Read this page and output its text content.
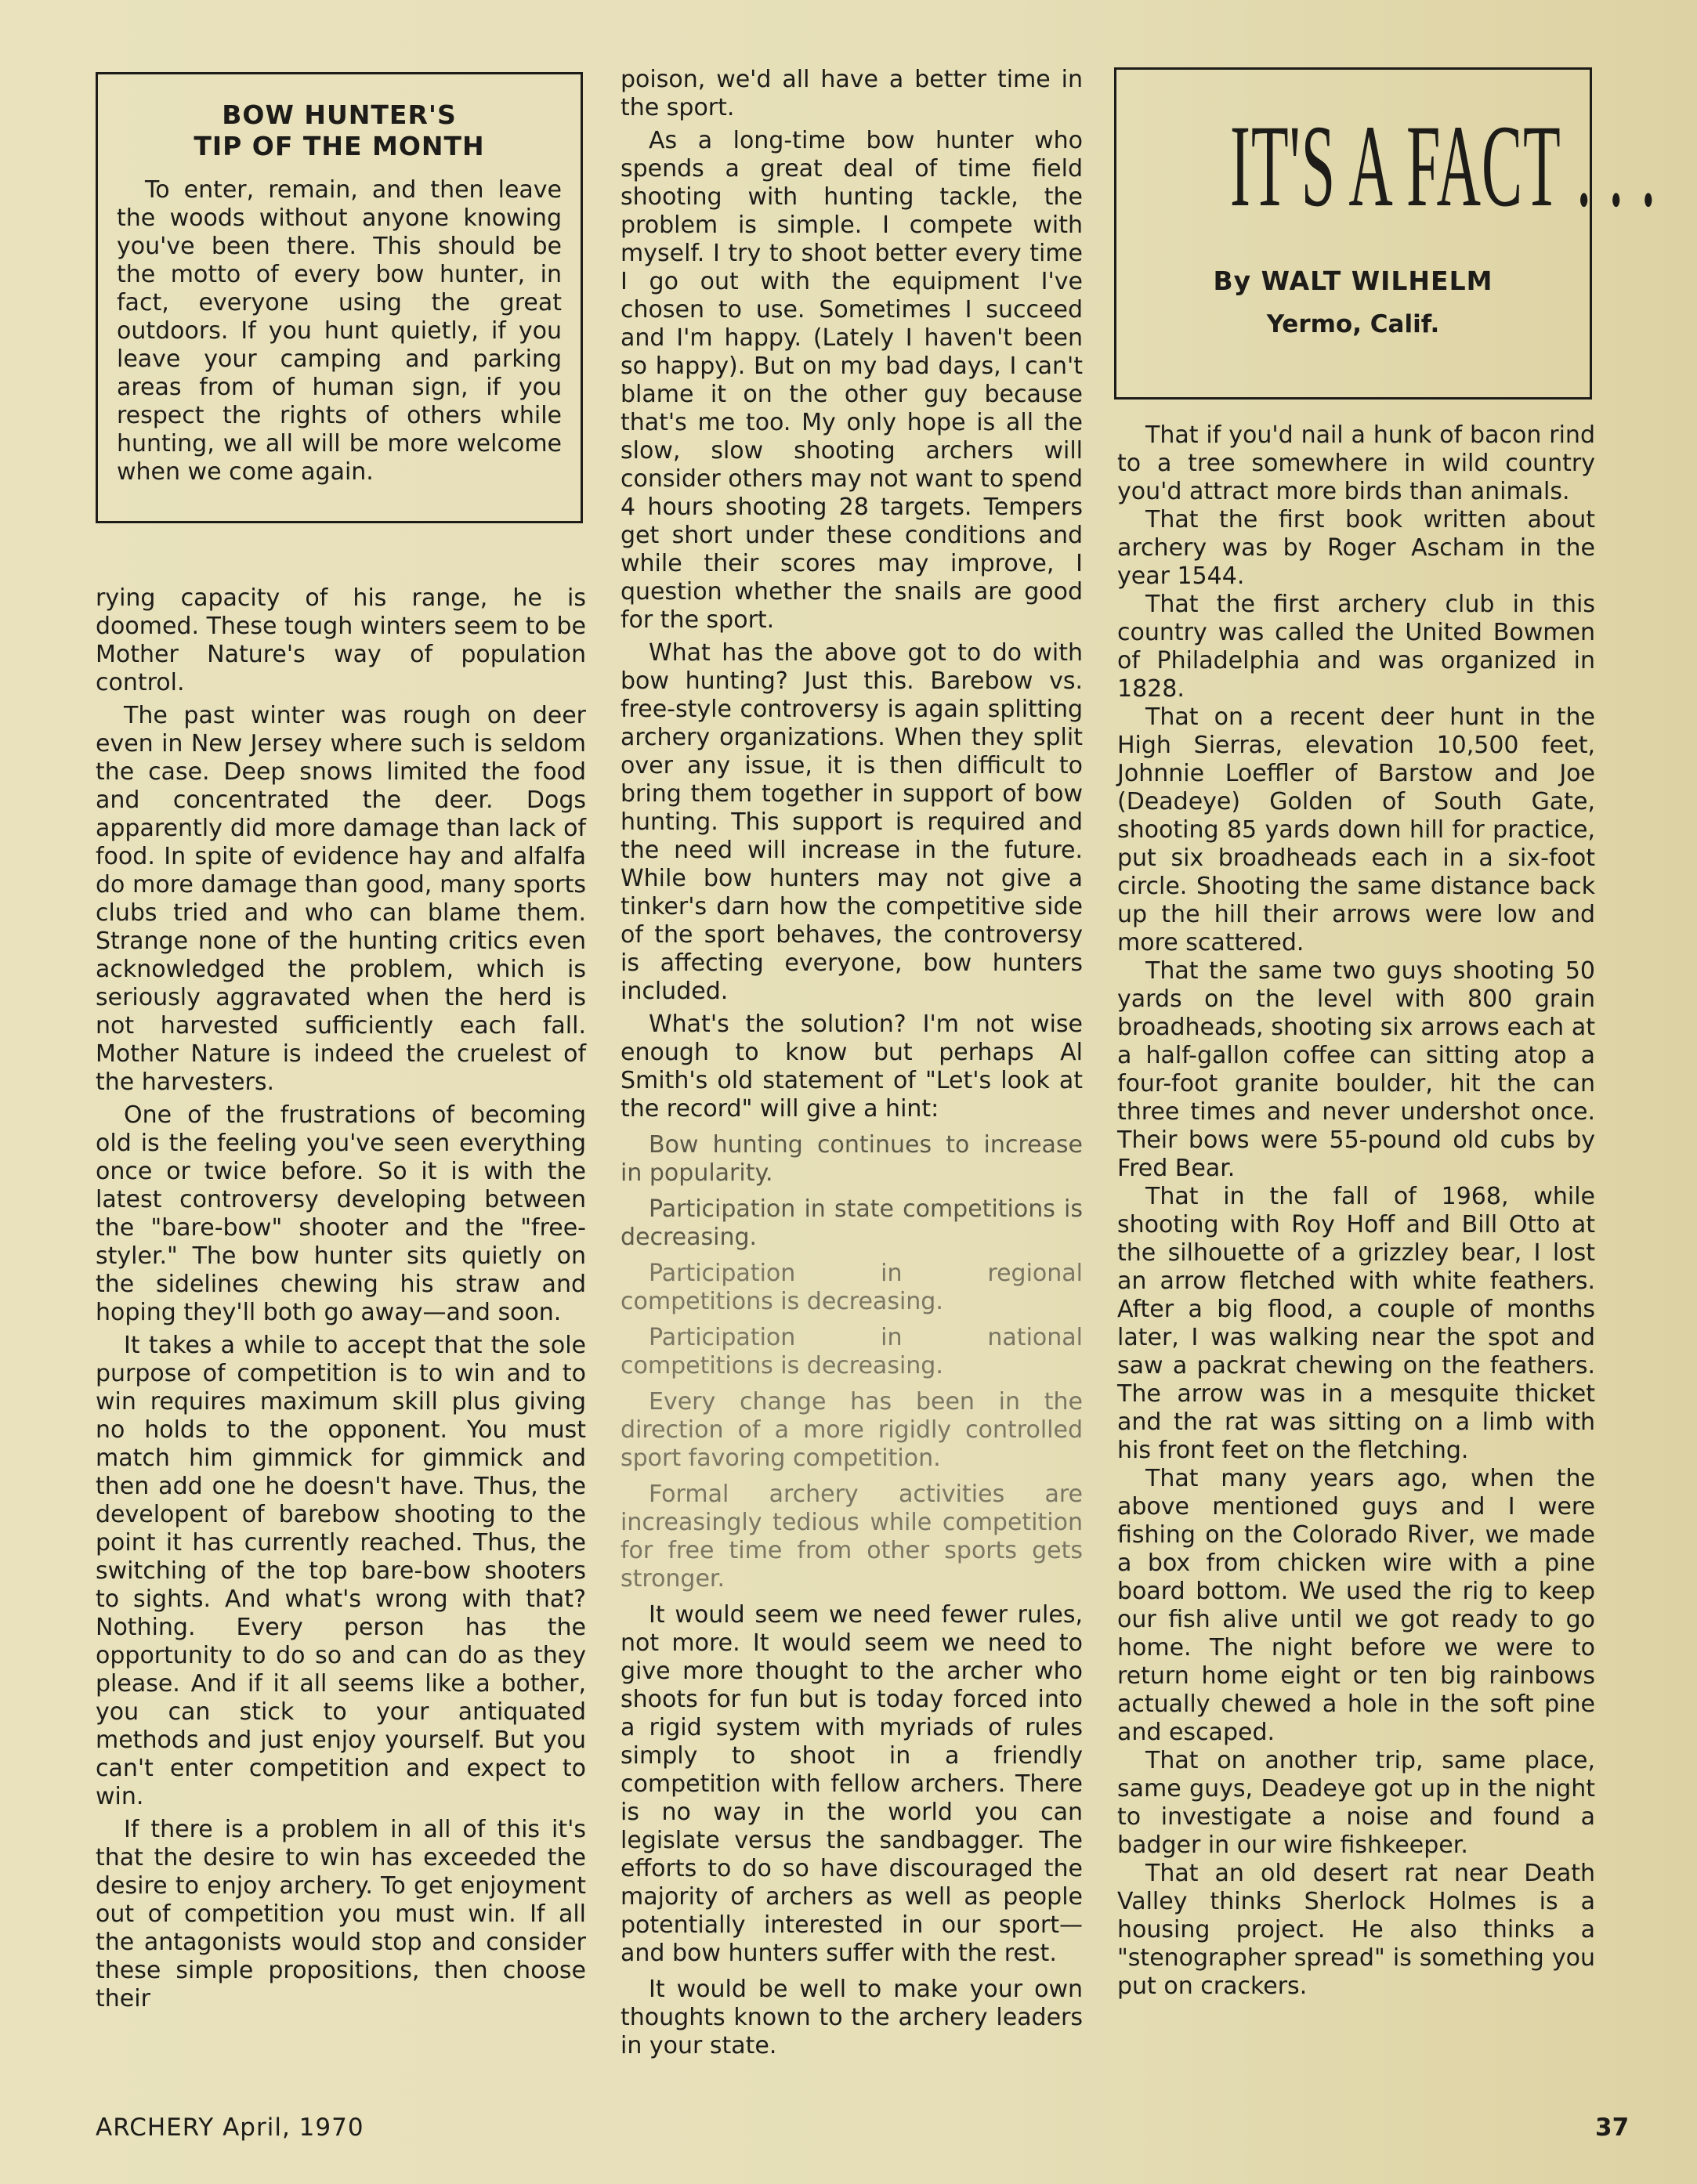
BOW HUNTER'S
TIP OF THE MONTH

To enter, remain, and then leave the woods without anyone knowing you've been there. This should be the motto of every bow hunter, in fact, everyone using the great outdoors. If you hunt quietly, if you leave your camping and parking areas from of human sign, if you respect the rights of others while hunting, we all will be more welcome when we come again.

rying capacity of his range, he is doomed. These tough winters seem to be Mother Nature's way of population control.

The past winter was rough on deer even in New Jersey where such is seldom the case. Deep snows limited the food and concentrated the deer. Dogs apparently did more damage than lack of food. In spite of evidence hay and alfalfa do more damage than good, many sports clubs tried and who can blame them. Strange none of the hunting critics even acknowledged the problem, which is seriously aggravated when the herd is not harvested sufficiently each fall. Mother Nature is indeed the cruelest of the harvesters.

One of the frustrations of becoming old is the feeling you've seen everything once or twice before. So it is with the latest controversy developing between the "bare-bow" shooter and the "free-styler." The bow hunter sits quietly on the sidelines chewing his straw and hoping they'll both go away—and soon.

It takes a while to accept that the sole purpose of competition is to win and to win requires maximum skill plus giving no holds to the opponent. You must match him gimmick for gimmick and then add one he doesn't have. Thus, the developent of barebow shooting to the point it has currently reached. Thus, the switching of the top bare-bow shooters to sights. And what's wrong with that? Nothing. Every person has the opportunity to do so and can do as they please. And if it all seems like a bother, you can stick to your antiquated methods and just enjoy yourself. But you can't enter competition and expect to win.

If there is a problem in all of this it's that the desire to win has exceeded the desire to enjoy archery. To get enjoyment out of competition you must win. If all the antagonists would stop and consider these simple propositions, then choose their

poison, we'd all have a better time in the sport.

As a long-time bow hunter who spends a great deal of time field shooting with hunting tackle, the problem is simple. I compete with myself. I try to shoot better every time I go out with the equipment I've chosen to use. Sometimes I succeed and I'm happy. (Lately I haven't been so happy). But on my bad days, I can't blame it on the other guy because that's me too. My only hope is all the slow, slow shooting archers will consider others may not want to spend 4 hours shooting 28 targets. Tempers get short under these conditions and while their scores may improve, I question whether the snails are good for the sport.

What has the above got to do with bow hunting? Just this. Barebow vs. free-style controversy is again splitting archery organizations. When they split over any issue, it is then difficult to bring them together in support of bow hunting. This support is required and the need will increase in the future. While bow hunters may not give a tinker's darn how the competitive side of the sport behaves, the controversy is affecting everyone, bow hunters included.

What's the solution? I'm not wise enough to know but perhaps Al Smith's old statement of "Let's look at the record" will give a hint:

Bow hunting continues to increase in popularity.

Participation in state competitions is decreasing.

Participation in regional competitions is decreasing.

Participation in national competitions is decreasing.

Every change has been in the direction of a more rigidly controlled sport favoring competition.

Formal archery activities are increasingly tedious while competition for free time from other sports gets stronger.

It would seem we need fewer rules, not more. It would seem we need to give more thought to the archer who shoots for fun but is today forced into a rigid system with myriads of rules simply to shoot in a friendly competition with fellow archers. There is no way in the world you can legislate versus the sandbagger. The efforts to do so have discouraged the majority of archers as well as people potentially interested in our sport—and bow hunters suffer with the rest.

It would be well to make your own thoughts known to the archery leaders in your state.

IT'S A FACT . . .
By WALT WILHELM
Yermo, Calif.

That if you'd nail a hunk of bacon rind to a tree somewhere in wild country you'd attract more birds than animals.

That the first book written about archery was by Roger Ascham in the year 1544.

That the first archery club in this country was called the United Bowmen of Philadelphia and was organized in 1828.

That on a recent deer hunt in the High Sierras, elevation 10,500 feet, Johnnie Loeffler of Barstow and Joe (Deadeye) Golden of South Gate, shooting 85 yards down hill for practice, put six broadheads each in a six-foot circle. Shooting the same distance back up the hill their arrows were low and more scattered.

That the same two guys shooting 50 yards on the level with 800 grain broadheads, shooting six arrows each at a half-gallon coffee can sitting atop a four-foot granite boulder, hit the can three times and never undershot once. Their bows were 55-pound old cubs by Fred Bear.

That in the fall of 1968, while shooting with Roy Hoff and Bill Otto at the silhouette of a grizzley bear, I lost an arrow fletched with white feathers. After a big flood, a couple of months later, I was walking near the spot and saw a packrat chewing on the feathers. The arrow was in a mesquite thicket and the rat was sitting on a limb with his front feet on the fletching.

That many years ago, when the above mentioned guys and I were fishing on the Colorado River, we made a box from chicken wire with a pine board bottom. We used the rig to keep our fish alive until we got ready to go home. The night before we were to return home eight or ten big rainbows actually chewed a hole in the soft pine and escaped.

That on another trip, same place, same guys, Deadeye got up in the night to investigate a noise and found a badger in our wire fishkeeper.

That an old desert rat near Death Valley thinks Sherlock Holmes is a housing project. He also thinks a "stenographer spread" is something you put on crackers.

ARCHERY April, 1970	37
